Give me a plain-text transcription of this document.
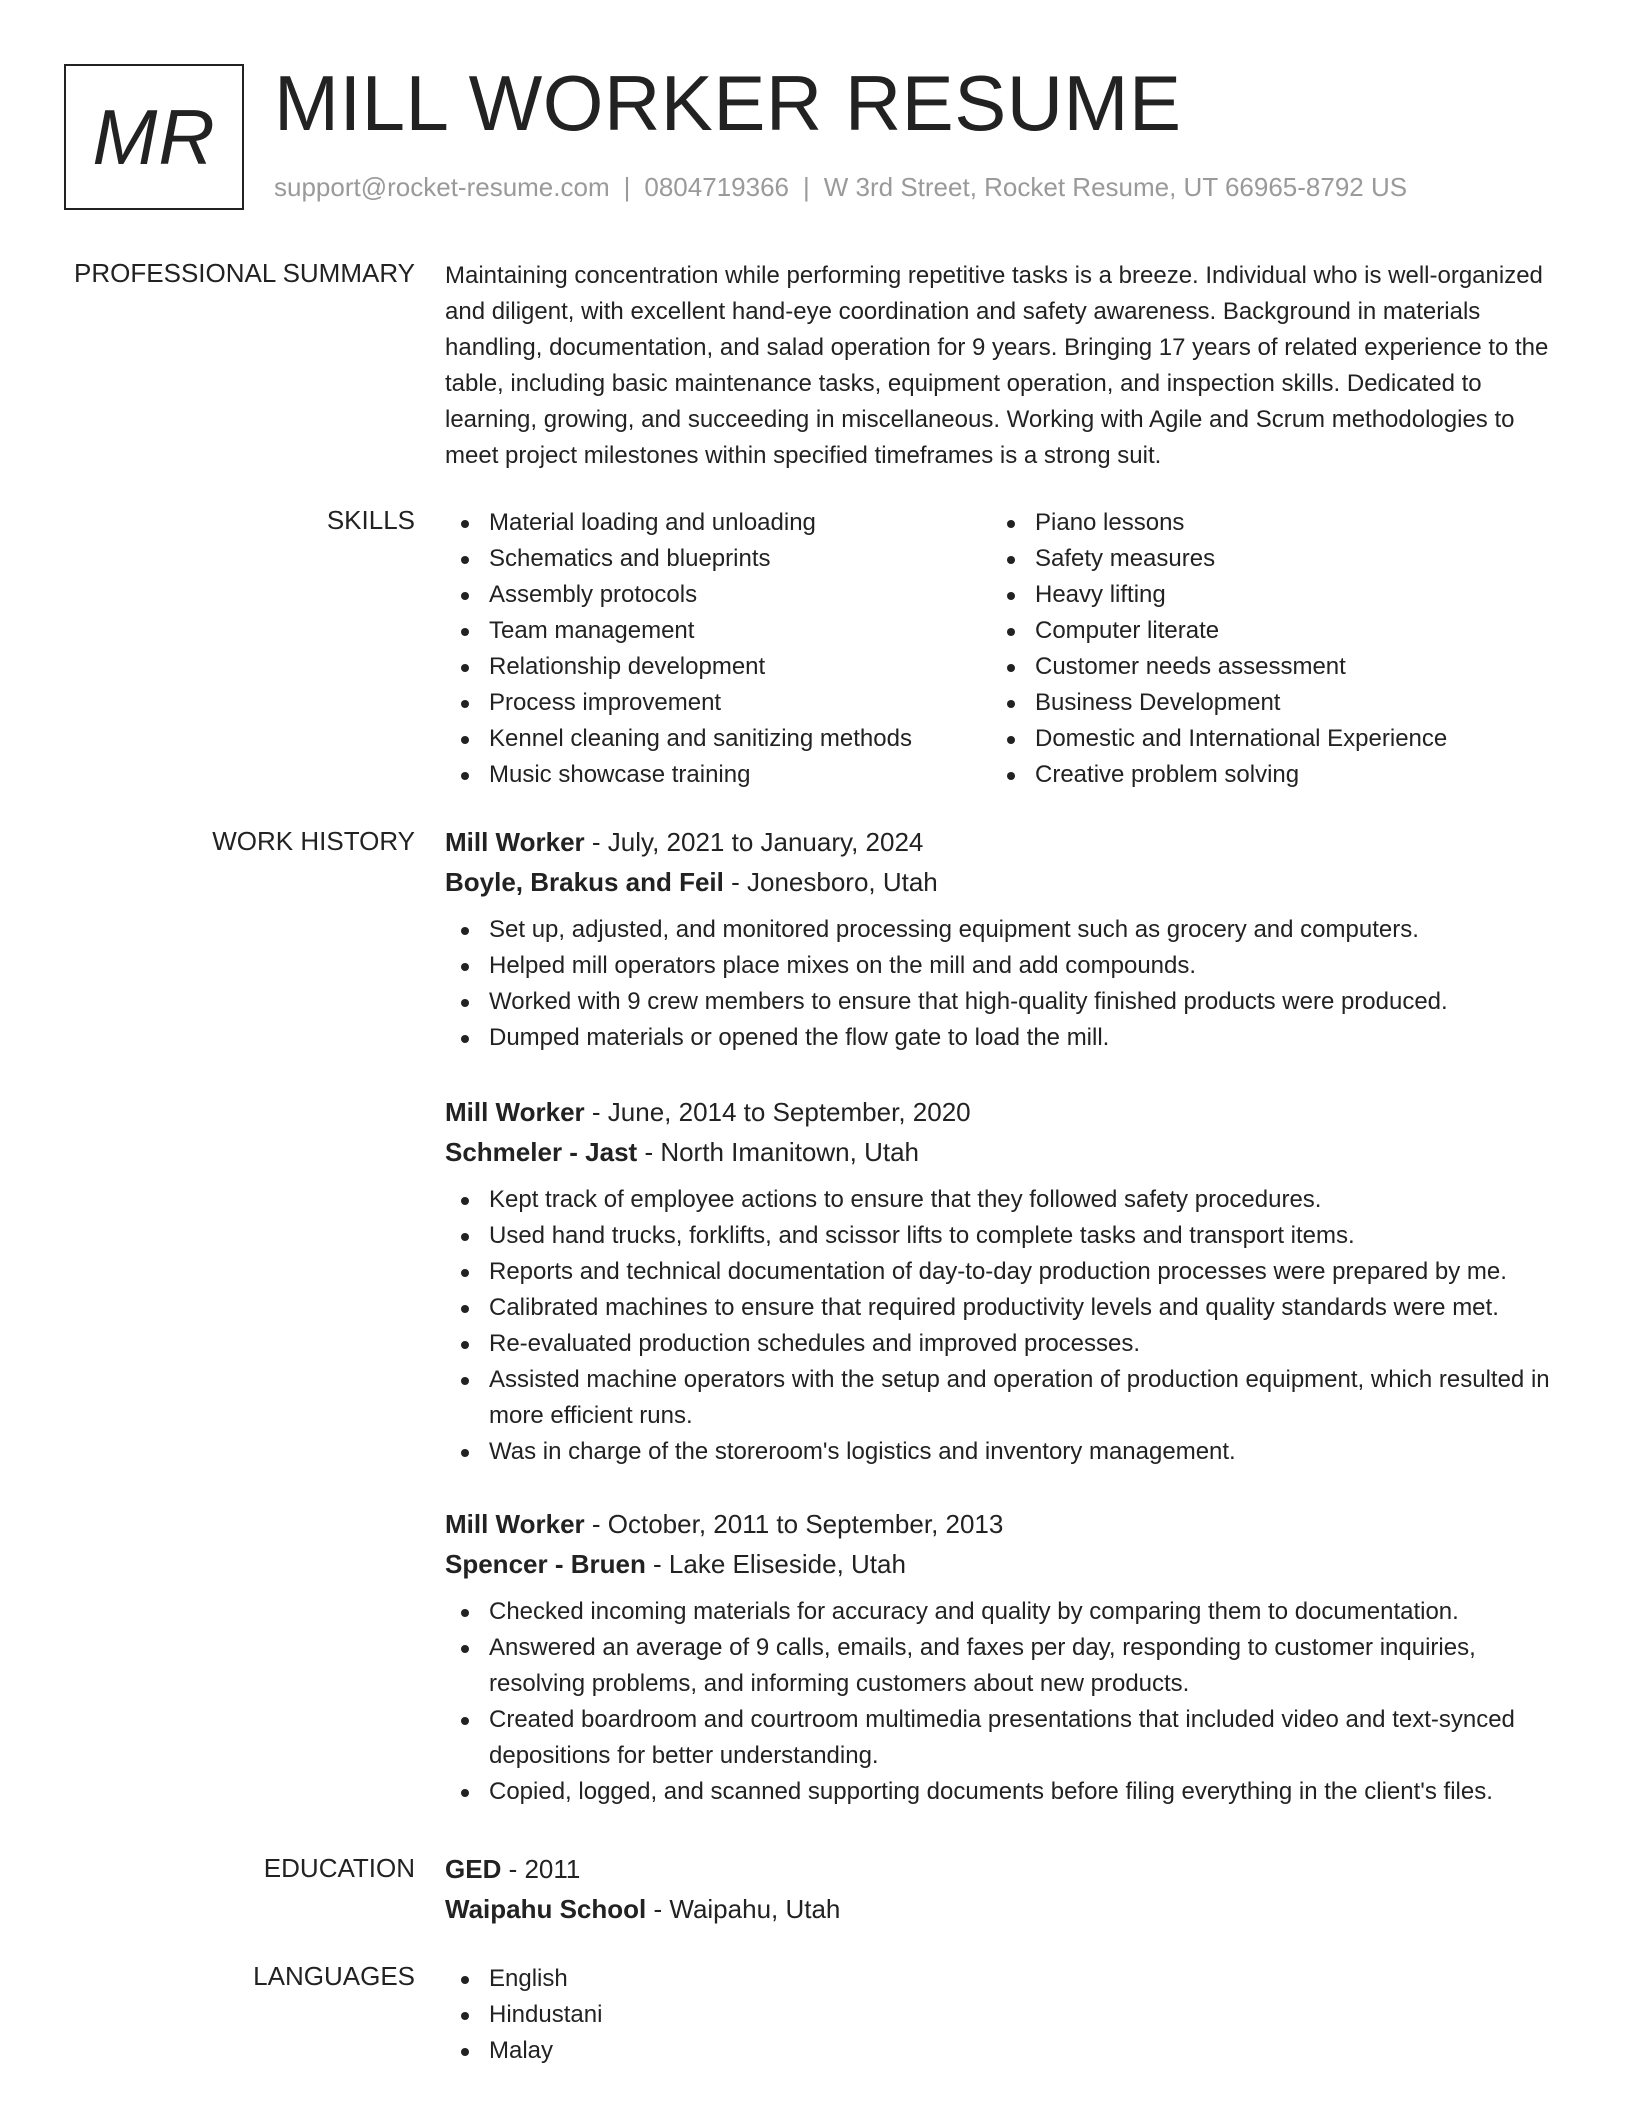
MR MILL WORKER RESUME
support@rocket-resume.com | 0804719366 | W 3rd Street, Rocket Resume, UT 66965-8792 US
PROFESSIONAL SUMMARY Maintaining concentration while performing repetitive tasks is a breeze. Individual who is well-organized and diligent, with excellent hand-eye coordination and safety awareness. Background in materials handling, documentation, and salad operation for 9 years. Bringing 17 years of related experience to the table, including basic maintenance tasks, equipment operation, and inspection skills. Dedicated to learning, growing, and succeeding in miscellaneous. Working with Agile and Scrum methodologies to meet project milestones within specified timeframes is a strong suit.

SKILLS	Material loading and unloading
Schematics and blueprints
Assembly protocols
Team management
Relationship development
Process improvement
Kennel cleaning and sanitizing methods
Music showcase training
Piano lessons
Safety measures
Heavy lifting
Computer literate
Customer needs assessment
Business Development
Domestic and International Experience
Creative problem solving
WORK HISTORY Mill Worker - July, 2021 to January, 2024
Boyle, Brakus and Feil - Jonesboro, Utah
Set up, adjusted, and monitored processing equipment such as grocery and computers.
Helped mill operators place mixes on the mill and add compounds.
Worked with 9 crew members to ensure that high-quality finished products were produced.
Dumped materials or opened the flow gate to load the mill.
Mill Worker - June, 2014 to September, 2020
Schmeler - Jast - North Imanitown, Utah
Kept track of employee actions to ensure that they followed safety procedures.
Used hand trucks, forklifts, and scissor lifts to complete tasks and transport items.
Reports and technical documentation of day-to-day production processes were prepared by me.
Calibrated machines to ensure that required productivity levels and quality standards were met.
Re-evaluated production schedules and improved processes.
Assisted machine operators with the setup and operation of production equipment, which resulted in more efficient runs.
Was in charge of the storeroom's logistics and inventory management.
Mill Worker - October, 2011 to September, 2013
Spencer - Bruen - Lake Eliseside, Utah
Checked incoming materials for accuracy and quality by comparing them to documentation.
Answered an average of 9 calls, emails, and faxes per day, responding to customer inquiries, resolving problems, and informing customers about new products.
Created boardroom and courtroom multimedia presentations that included video and text-synced depositions for better understanding.
Copied, logged, and scanned supporting documents before filing everything in the client's files.
EDUCATION GED - 2011
Waipahu School - Waipahu, Utah
LANGUAGES	English
Hindustani
Malay
